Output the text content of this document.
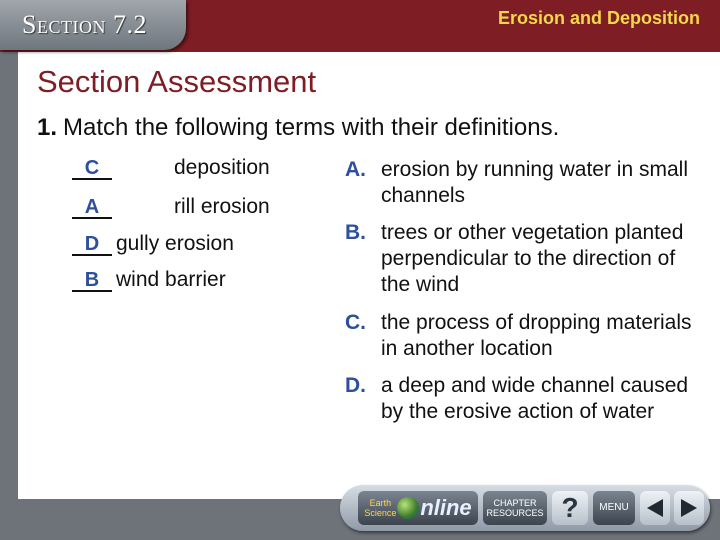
Section 7.2	Erosion and Deposition
Section Assessment
1. Match the following terms with their definitions.
C	deposition
A	rill erosion
D gully erosion
B wind barrier
A. erosion by running water in small channels
B. trees or other vegetation planted perpendicular to the direction of the wind
C. the process of dropping materials in another location
D. a deep and wide channel caused by the erosive action of water
Earth Science nline	CHAPTER RESOURCES ? MENU
